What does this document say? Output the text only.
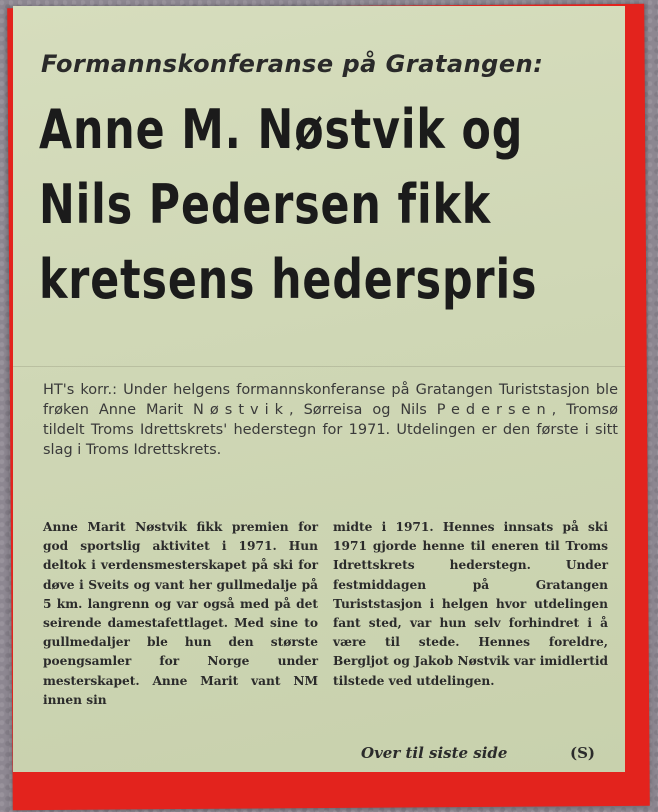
Formannskonferanse på Gratangen:
Anne M. Nøstvik og
Nils Pedersen fikk
kretsens hederspris
HT's korr.: Under helgens formannskonferanse på Gratangen Turiststasjon ble frøken Anne Marit Nøstvik, Sørreisa og Nils Pedersen, Tromsø tildelt Troms Idrettskrets' hederstegn for 1971. Utdelingen er den første i sitt slag i Troms Idrettskrets.
Anne Marit Nøstvik fikk premien for god sportslig aktivitet i 1971. Hun deltok i verdensmesterskapet på ski for døve i Sveits og vant her gullmedalje på 5 km. langrenn og var også med på det seirende damestafettlaget. Med sine to gullmedaljer ble hun den største poengsamler for Norge under mesterskapet. Anne Marit vant NM innen sin
midte i 1971. Hennes innsats på ski 1971 gjorde henne til eneren til Troms Idrettskrets hederstegn. Under festmiddagen på Gratangen Turiststasjon i helgen hvor utdelingen fant sted, var hun selv forhindret i å være til stede. Hennes foreldre, Bergljot og Jakob Nøstvik var imidlertid tilstede ved utdelingen.
Over til siste side	(S)
